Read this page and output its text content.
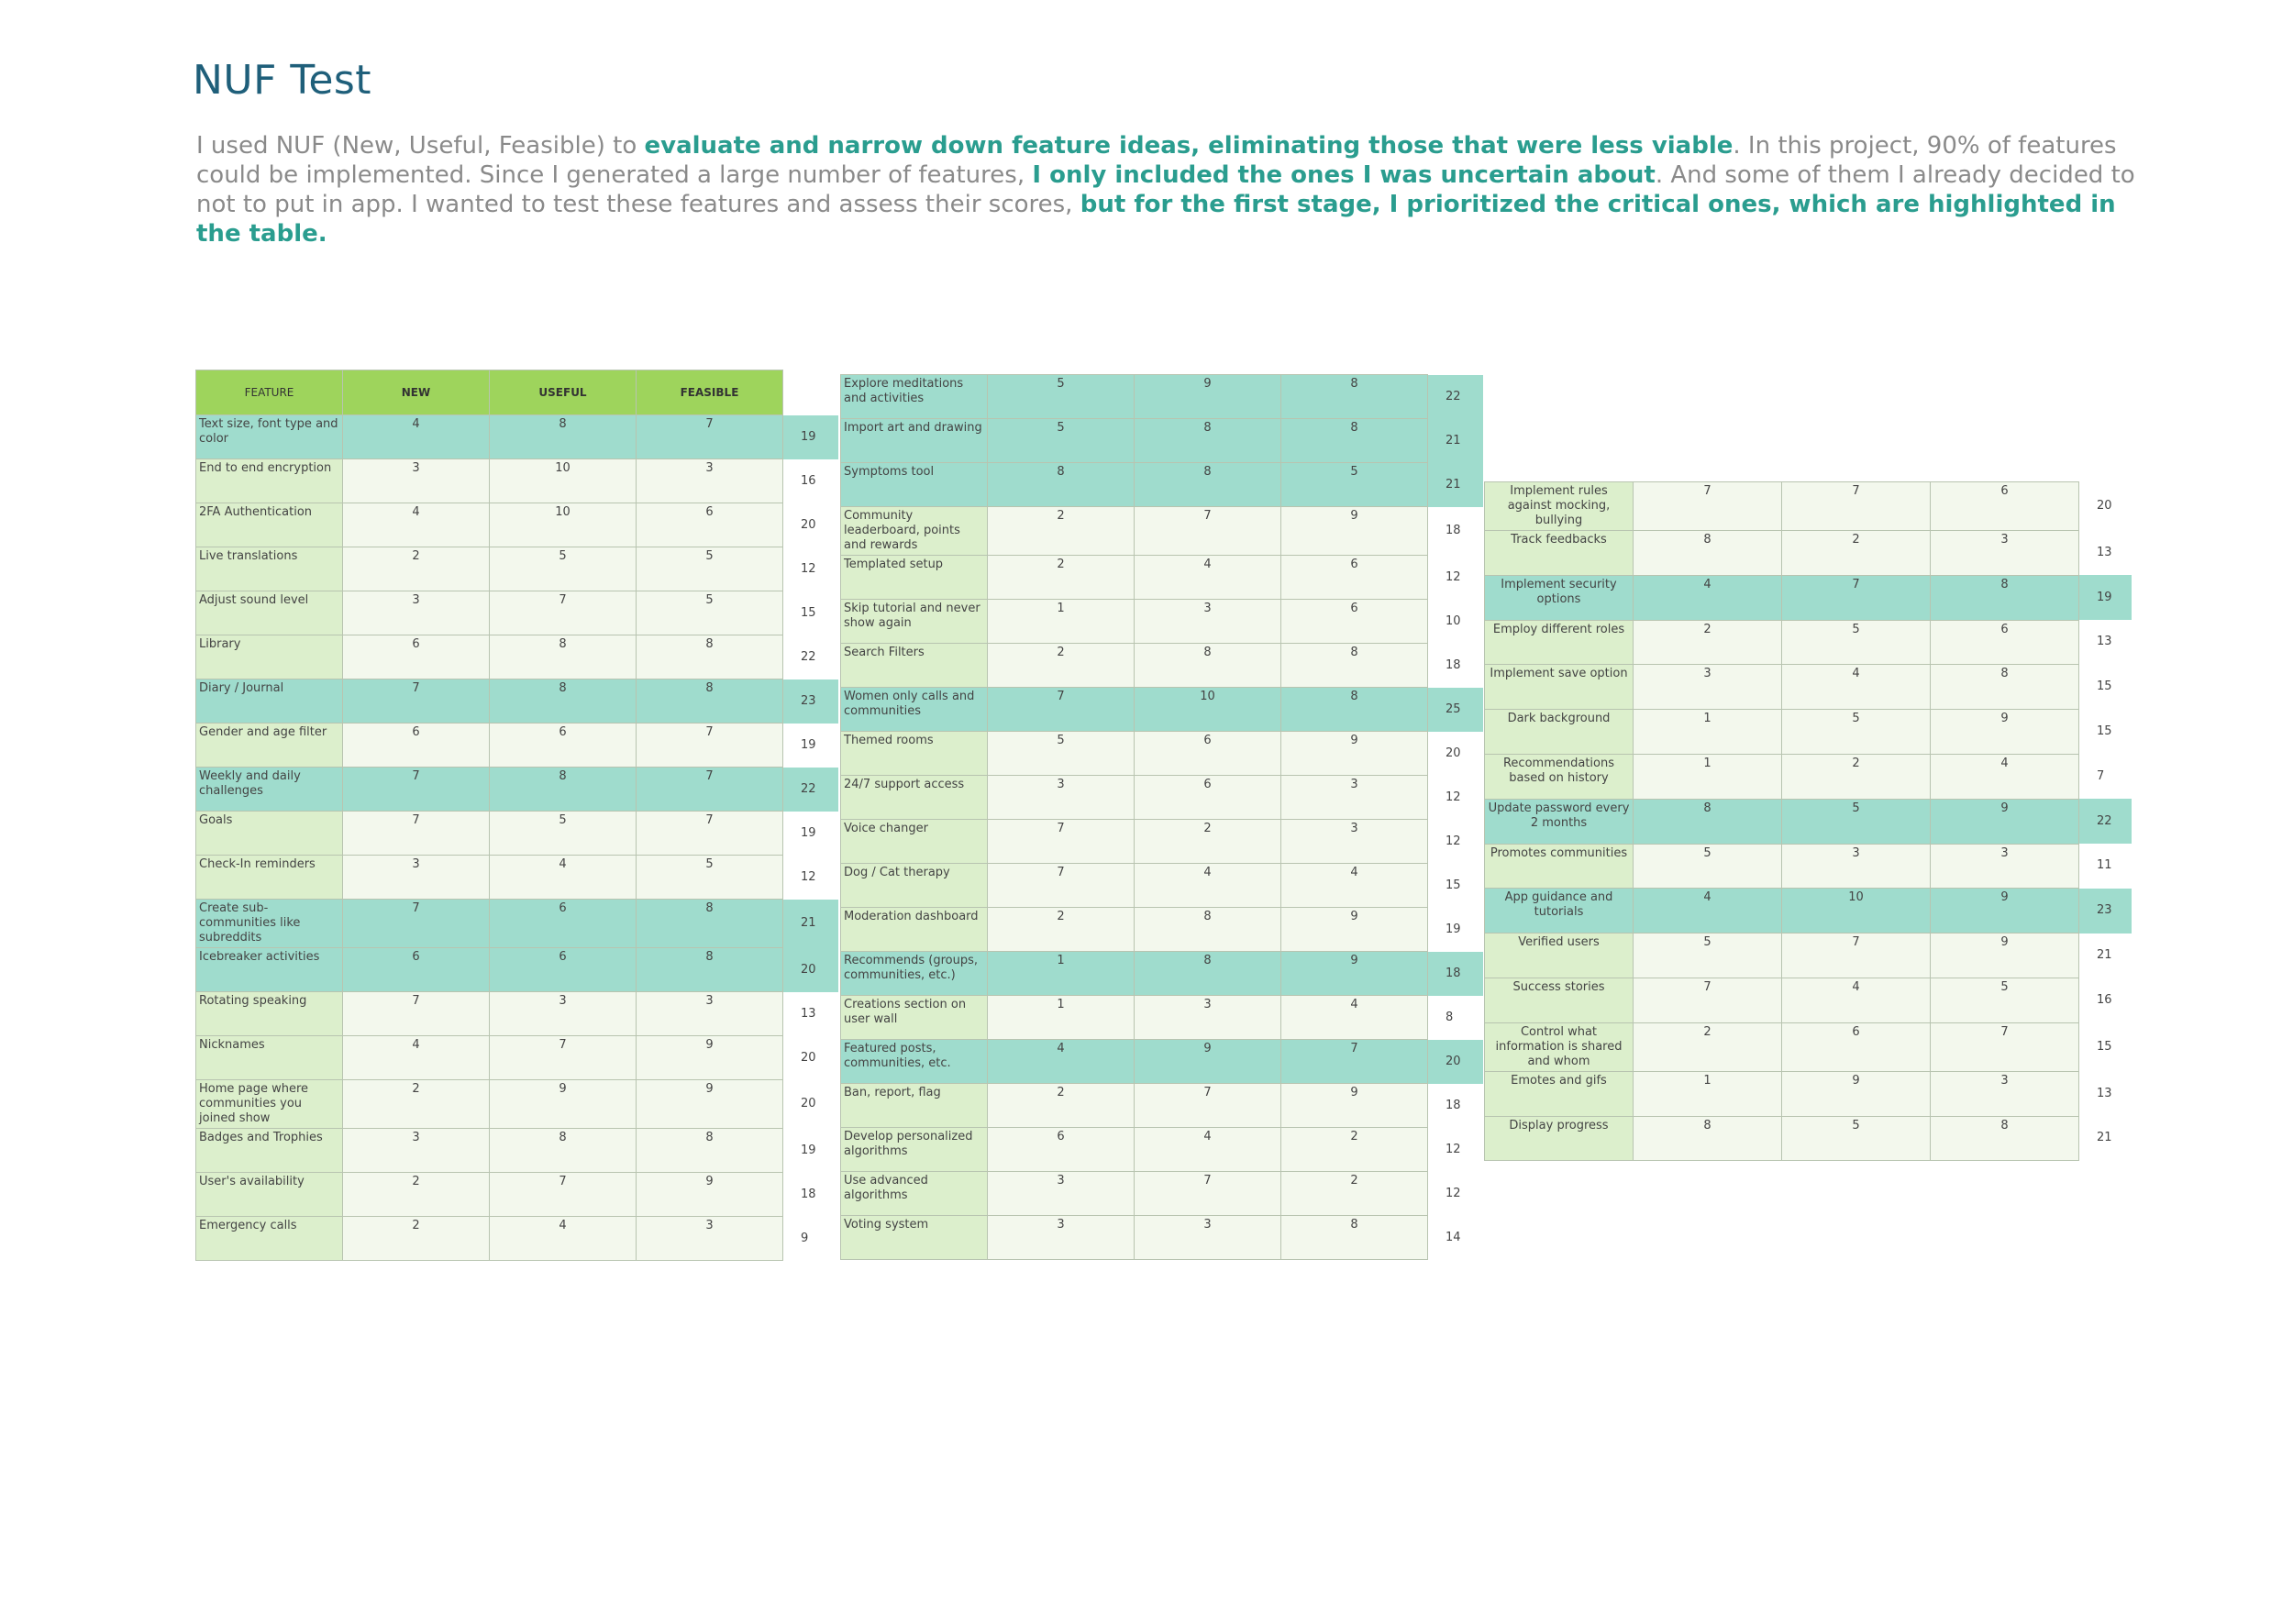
NUF Test

I used NUF (New, Useful, Feasible) to evaluate and narrow down feature ideas, eliminating those that were less viable. In this project, 90% of features could be implemented. Since I generated a large number of features, I only included the ones I was uncertain about. And some of them I already decided to not to put in app. I wanted to test these features and assess their scores, but for the first stage, I prioritized the critical ones, which are highlighted in the table.

FEATURE	NEW	USEFUL	FEASIBLE	
Text size, font type and color	4	8	7	19
End to end encryption	3	10	3	16
2FA Authentication	4	10	6	20
Live translations	2	5	5	12
Adjust sound level	3	7	5	15
Library	6	8	8	22
Diary / Journal	7	8	8	23
Gender and age filter	6	6	7	19
Weekly and daily challenges	7	8	7	22
Goals	7	5	7	19
Check-In reminders	3	4	5	12
Create sub-communities like subreddits	7	6	8	21
Icebreaker activities	6	6	8	20
Rotating speaking	7	3	3	13
Nicknames	4	7	9	20
Home page where communities you joined show	2	9	9	20
Badges and Trophies	3	8	8	19
User's availability	2	7	9	18
Emergency calls	2	4	3	9
Explore meditations and activities	5	9	8	22
Import art and drawing	5	8	8	21
Symptoms tool	8	8	5	21
Community leaderboard, points and rewards	2	7	9	18
Templated setup	2	4	6	12
Skip tutorial and never show again	1	3	6	10
Search Filters	2	8	8	18
Women only calls and communities	7	10	8	25
Themed rooms	5	6	9	20
24/7 support access	3	6	3	12
Voice changer	7	2	3	12
Dog / Cat therapy	7	4	4	15
Moderation dashboard	2	8	9	19
Recommends (groups, communities, etc.)	1	8	9	18
Creations section on user wall	1	3	4	8
Featured posts, communities, etc.	4	9	7	20
Ban, report, flag	2	7	9	18
Develop personalized algorithms	6	4	2	12
Use advanced algorithms	3	7	2	12
Voting system	3	3	8	14
Implement rules against mocking, bullying	7	7	6	20
Track feedbacks	8	2	3	13
Implement security options	4	7	8	19
Employ different roles	2	5	6	13
Implement save option	3	4	8	15
Dark background	1	5	9	15
Recommendations based on history	1	2	4	7
Update password every 2 months	8	5	9	22
Promotes communities	5	3	3	11
App guidance and tutorials	4	10	9	23
Verified users	5	7	9	21
Success stories	7	4	5	16
Control what information is shared and whom	2	6	7	15
Emotes and gifs	1	9	3	13
Display progress	8	5	8	21
